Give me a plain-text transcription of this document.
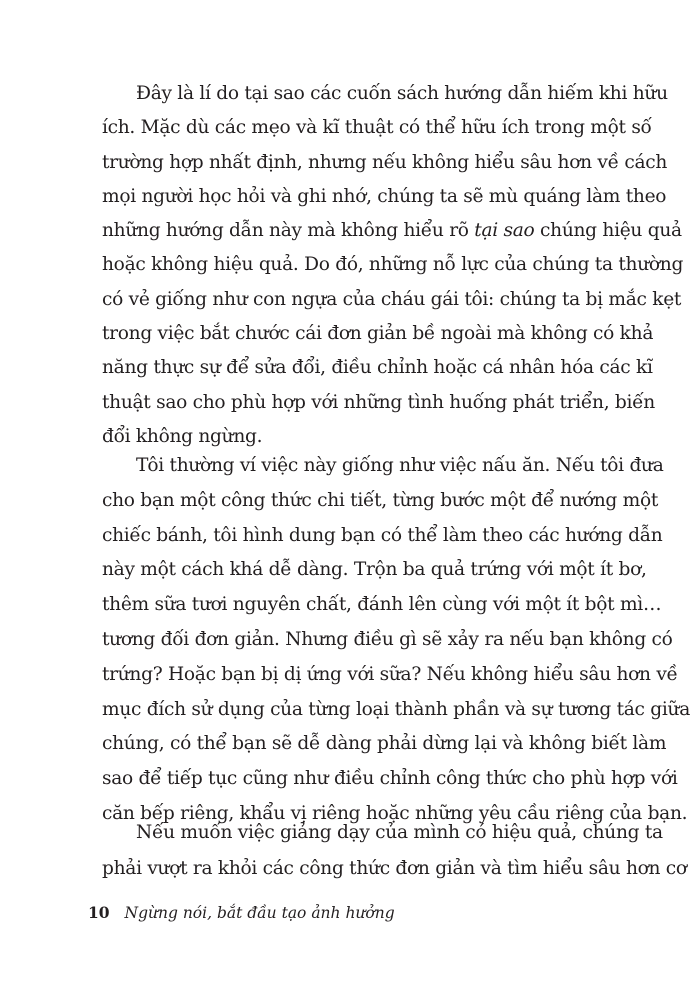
Đây là lí do tại sao các cuốn sách hướng dẫn hiếm khi hữu
ích. Mặc dù các mẹo và kĩ thuật có thể hữu ích trong một số
trường hợp nhất định, nhưng nếu không hiểu sâu hơn về cách
mọi người học hỏi và ghi nhớ, chúng ta sẽ mù quáng làm theo
những hướng dẫn này mà không hiểu rõ tại sao chúng hiệu quả
hoặc không hiệu quả. Do đó, những nỗ lực của chúng ta thường
có vẻ giống như con ngựa của cháu gái tôi: chúng ta bị mắc kẹt
trong việc bắt chước cái đơn giản bề ngoài mà không có khả
năng thực sự để sửa đổi, điều chỉnh hoặc cá nhân hóa các kĩ
thuật sao cho phù hợp với những tình huống phát triển, biến
đổi không ngừng.
Tôi thường ví việc này giống như việc nấu ăn. Nếu tôi đưa
cho bạn một công thức chi tiết, từng bước một để nướng một
chiếc bánh, tôi hình dung bạn có thể làm theo các hướng dẫn
này một cách khá dễ dàng. Trộn ba quả trứng với một ít bơ,
thêm sữa tươi nguyên chất, đánh lên cùng với một ít bột mì…
tương đối đơn giản. Nhưng điều gì sẽ xảy ra nếu bạn không có
trứng? Hoặc bạn bị dị ứng với sữa? Nếu không hiểu sâu hơn về
mục đích sử dụng của từng loại thành phần và sự tương tác giữa
chúng, có thể bạn sẽ dễ dàng phải dừng lại và không biết làm
sao để tiếp tục cũng như điều chỉnh công thức cho phù hợp với
căn bếp riêng, khẩu vị riêng hoặc những yêu cầu riêng của bạn.
Nếu muốn việc giảng dạy của mình có hiệu quả, chúng ta
phải vượt ra khỏi các công thức đơn giản và tìm hiểu sâu hơn cơ
10 Ngừng nói, bắt đầu tạo ảnh hưởng
